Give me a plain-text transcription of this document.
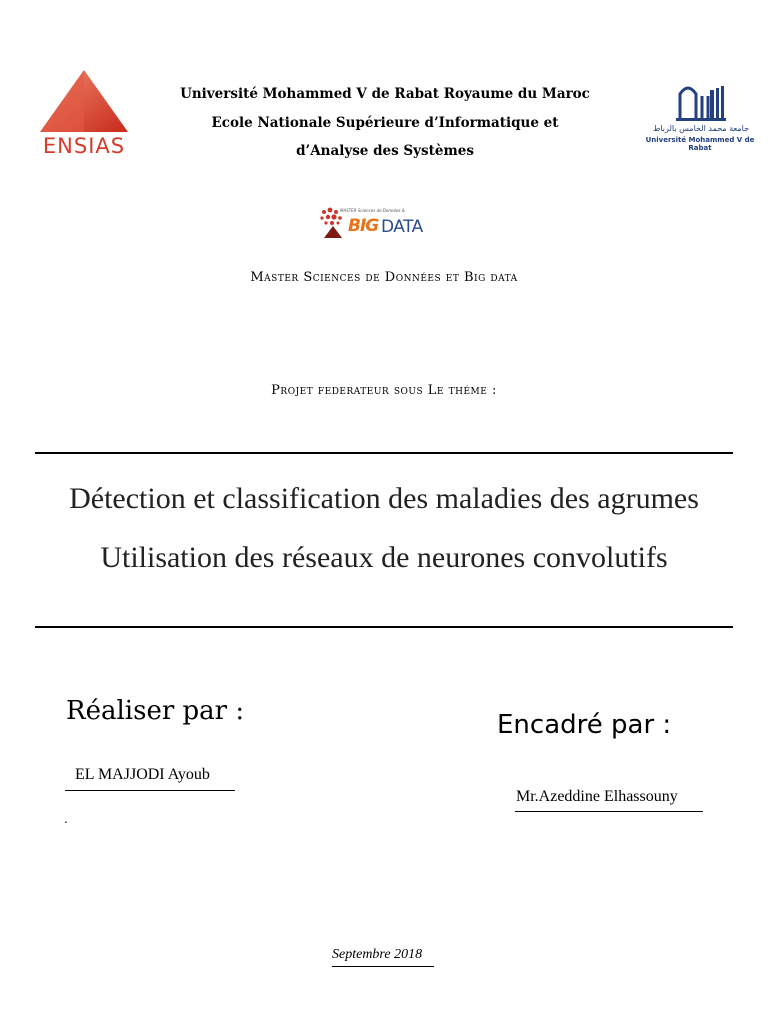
ENSIAS
Université Mohammed V de Rabat Royaume du Maroc
Ecole Nationale Supérieure d’Informatique et
d’Analyse des Systèmes
جامعة محمد الخامس بالرباط
Université Mohammed V de Rabat
MASTER Sciences de Données &
BIG DATA
Master Sciences de Données et Big data
Projet federateur sous Le théme :
Détection et classification des maladies des agrumes
Utilisation des réseaux de neurones convolutifs
Réaliser par :	Encadré par :
EL MAJJODI Ayoub
.
Mr.Azeddine Elhassouny
Septembre 2018
